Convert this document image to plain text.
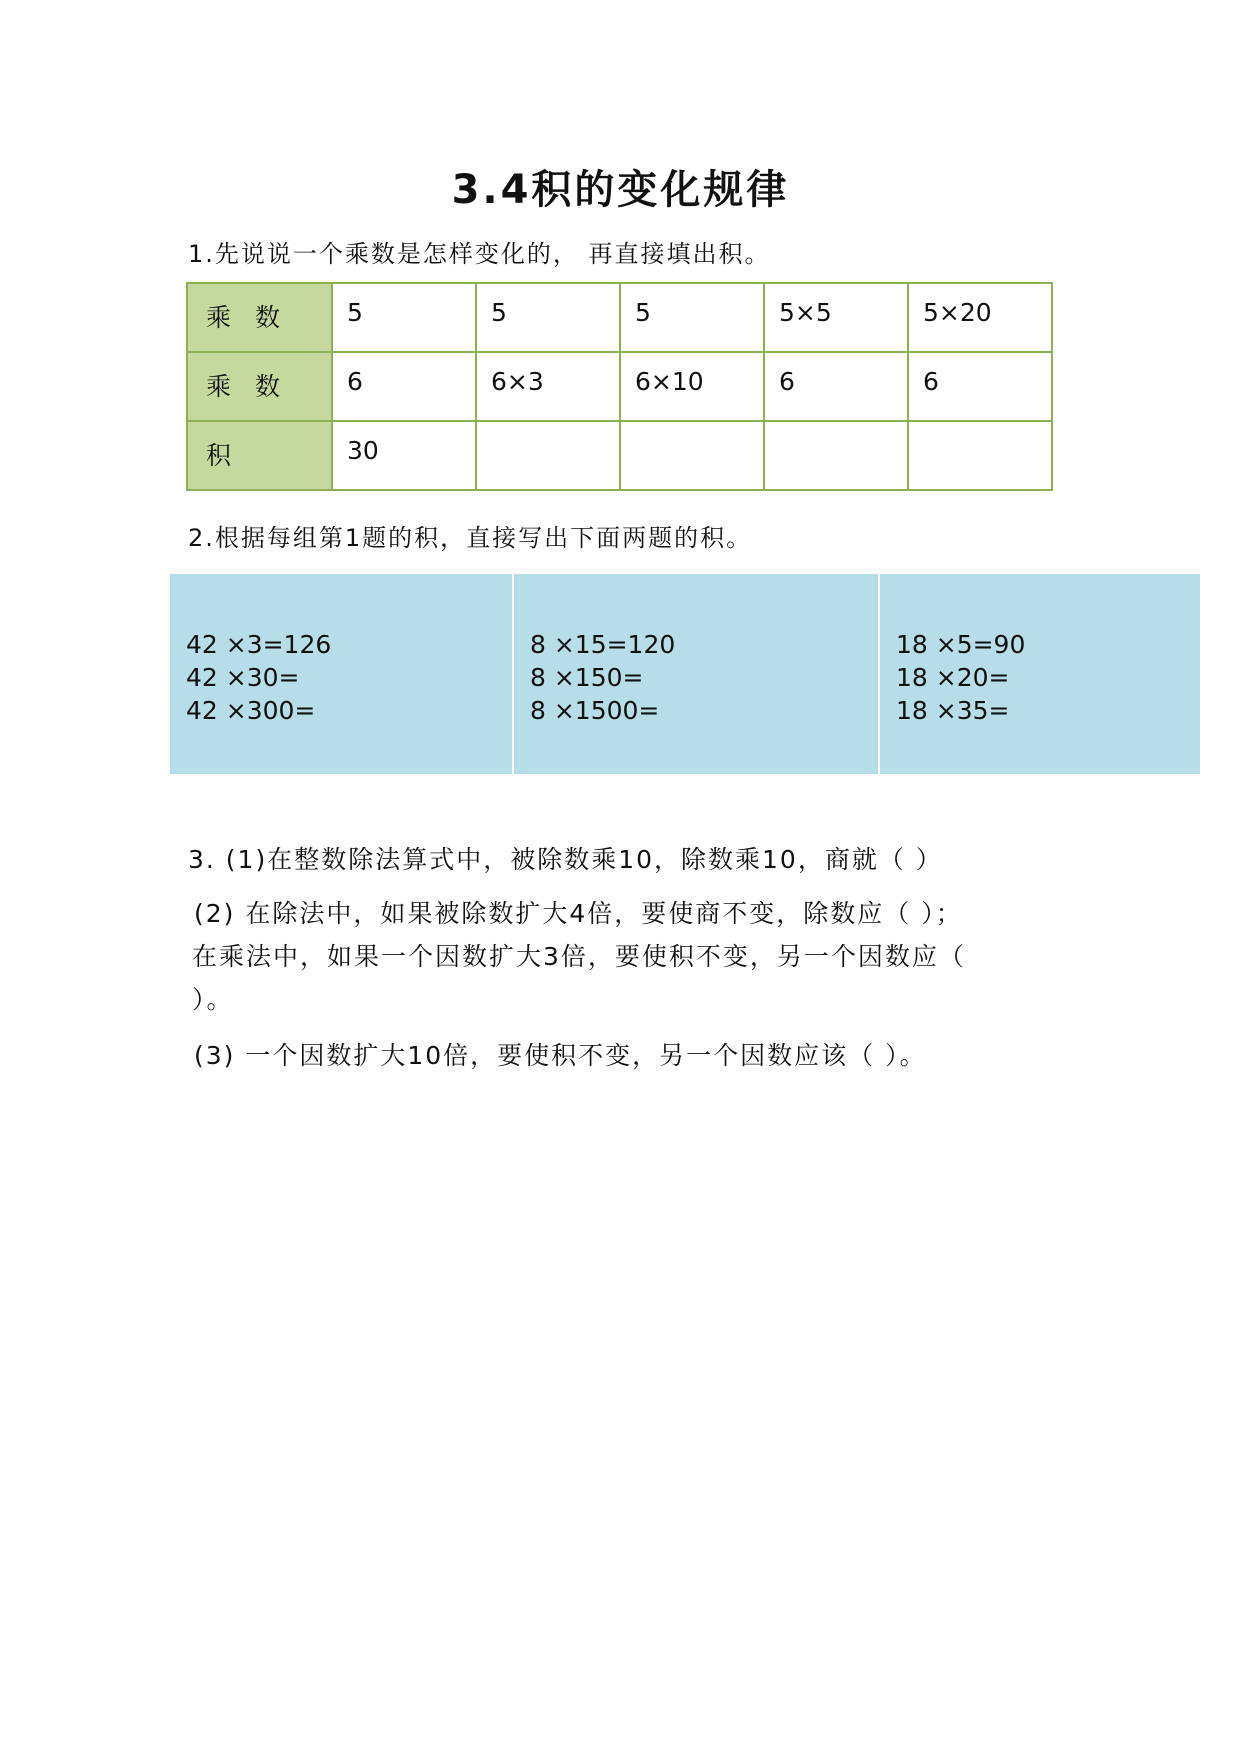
3.4积的变化规律
1.先说说一个乘数是怎样变化的， 再直接填出积。
乘 数	5	5	5	5×5	5×20
乘 数	6	6×3	6×10	6	6
积	30				
2.根据每组第1题的积，直接写出下面两题的积。
42 ×3=126
42 ×30=
42 ×300=
8 ×15=120
8 ×150=
8 ×1500=
18 ×5=90
18 ×20=
18 ×35=
3. (1)在整数除法算式中，被除数乘10，除数乘10，商就（ ）
(2) 在除法中，如果被除数扩大4倍，要使商不变，除数应（ ）；
在乘法中，如果一个因数扩大3倍，要使积不变，另一个因数应（
）。
(3) 一个因数扩大10倍，要使积不变，另一个因数应该（ ）。
